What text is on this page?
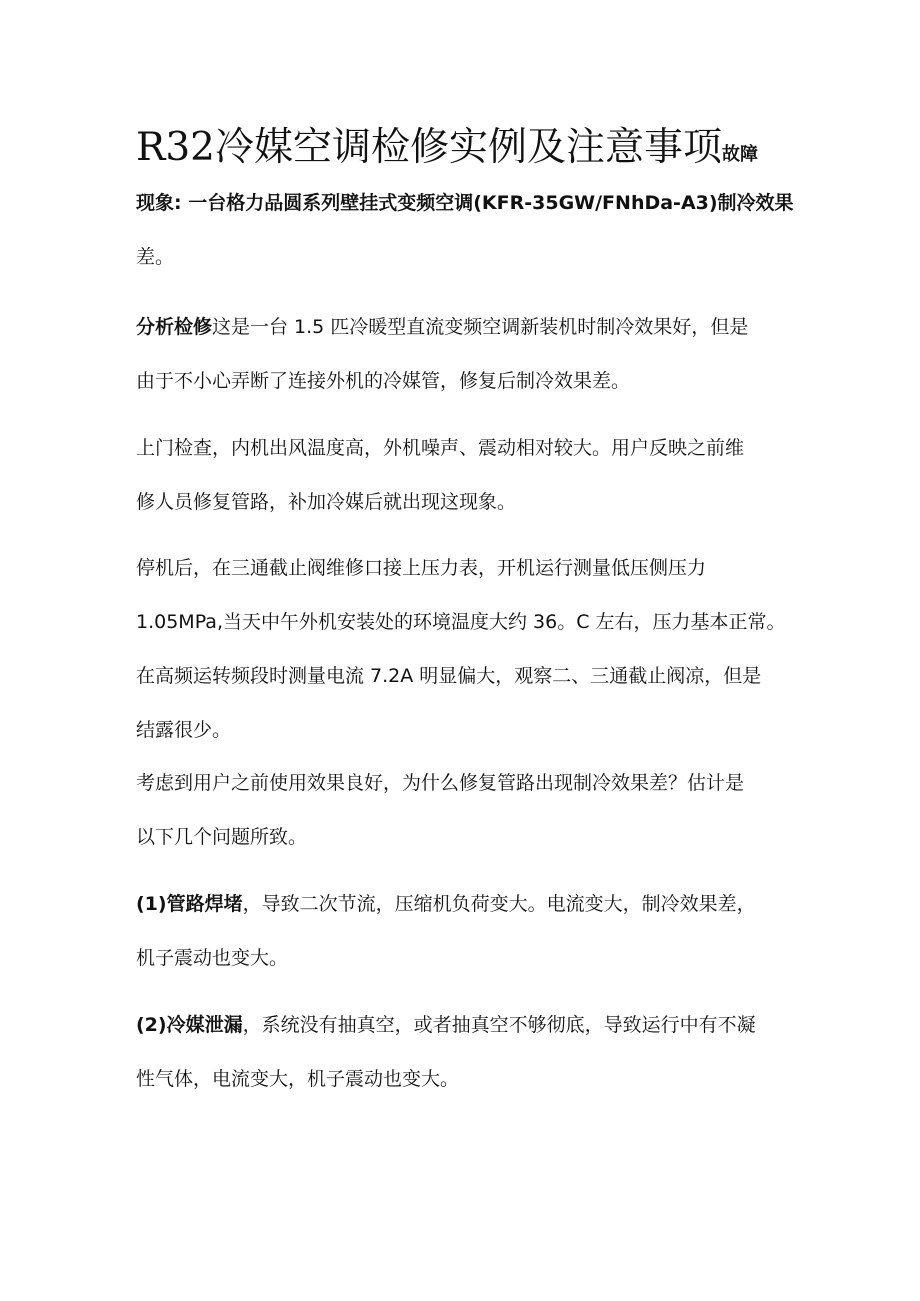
R32冷媒空调检修实例及注意事项故障
现象: 一台格力品圆系列壁挂式变频空调(KFR-35GW/FNhDa-A3)制冷效果
差。
分析检修这是一台 1.5 匹冷暖型直流变频空调新装机时制冷效果好，但是
由于不小心弄断了连接外机的冷媒管，修复后制冷效果差。
上门检查，内机出风温度高，外机噪声、震动相对较大。用户反映之前维
修人员修复管路，补加冷媒后就出现这现象。
停机后，在三通截止阀维修口接上压力表，开机运行测量低压侧压力
1.05MPa,当天中午外机安装处的环境温度大约 36。C 左右，压力基本正常。
在高频运转频段时测量电流 7.2A 明显偏大，观察二、三通截止阀凉，但是
结露很少。
考虑到用户之前使用效果良好，为什么修复管路出现制冷效果差？估计是
以下几个问题所致。
(1)管路焊堵，导致二次节流，压缩机负荷变大。电流变大，制冷效果差，
机子震动也变大。
(2)冷媒泄漏，系统没有抽真空，或者抽真空不够彻底，导致运行中有不凝
性气体，电流变大，机子震动也变大。
